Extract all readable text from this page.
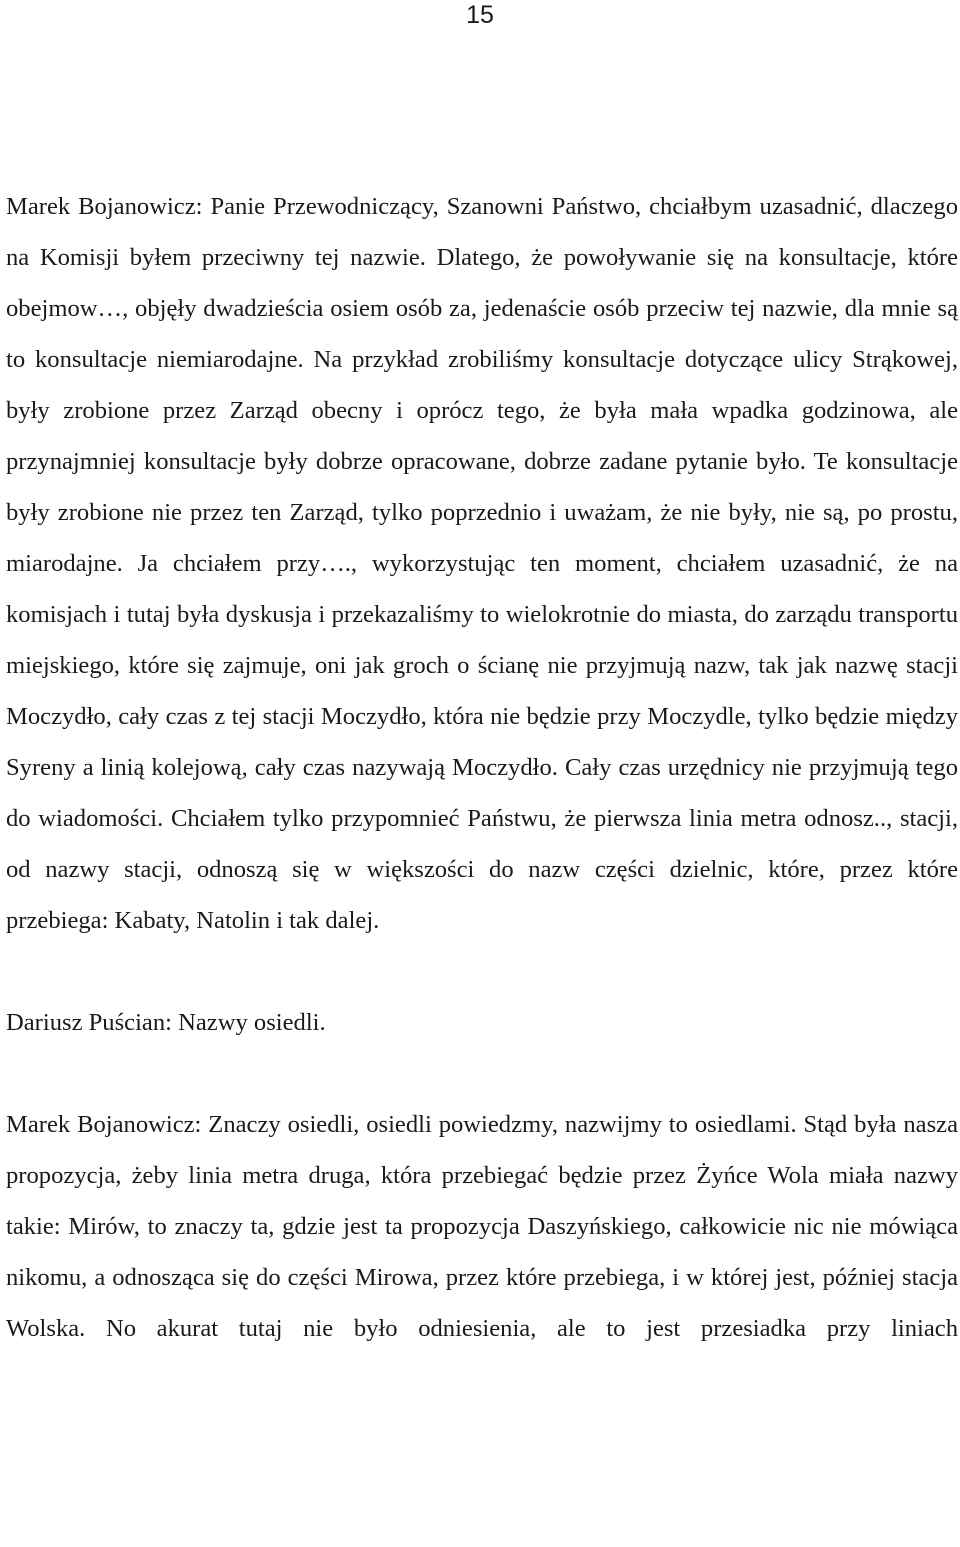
15

Marek Bojanowicz: Panie Przewodniczący, Szanowni Państwo, chciałbym uzasadnić, dlaczego na Komisji byłem przeciwny tej nazwie. Dlatego, że powoływanie się na konsultacje, które obejmow…, objęły dwadzieścia osiem osób za, jedenaście osób przeciw tej nazwie, dla mnie są to konsultacje niemiarodajne. Na przykład zrobiliśmy konsultacje dotyczące ulicy Strąkowej, były zrobione przez Zarząd obecny i oprócz tego, że była mała wpadka godzinowa, ale przynajmniej konsultacje były dobrze opracowane, dobrze zadane pytanie było. Te konsultacje były zrobione nie przez ten Zarząd, tylko poprzednio i uważam, że nie były, nie są, po prostu, miarodajne. Ja chciałem przy…., wykorzystując ten moment, chciałem uzasadnić, że na komisjach i tutaj była dyskusja i przekazaliśmy to wielokrotnie do miasta, do zarządu transportu miejskiego, które się zajmuje, oni jak groch o ścianę nie przyjmują nazw, tak jak nazwę stacji Moczydło, cały czas z tej stacji Moczydło, która nie będzie przy Moczydle, tylko będzie między Syreny a linią kolejową, cały czas nazywają Moczydło. Cały czas urzędnicy nie przyjmują tego do wiadomości. Chciałem tylko przypomnieć Państwu, że pierwsza linia metra odnosz.., stacji, od nazwy stacji, odnoszą się w większości do nazw części dzielnic, które, przez które
przebiega: Kabaty, Natolin i tak dalej.

Dariusz Puścian: Nazwy osiedli.

Marek Bojanowicz: Znaczy osiedli, osiedli powiedzmy, nazwijmy to osiedlami. Stąd była nasza propozycja, żeby linia metra druga, która przebiegać będzie przez Żyńce Wola miała nazwy takie: Mirów, to znaczy ta, gdzie jest ta propozycja Daszyńskiego, całkowicie nic nie mówiąca nikomu, a odnosząca się do części Mirowa, przez które przebiega, i w której jest, później stacja Wolska. No akurat tutaj nie było odniesienia, ale to jest przesiadka przy liniach
